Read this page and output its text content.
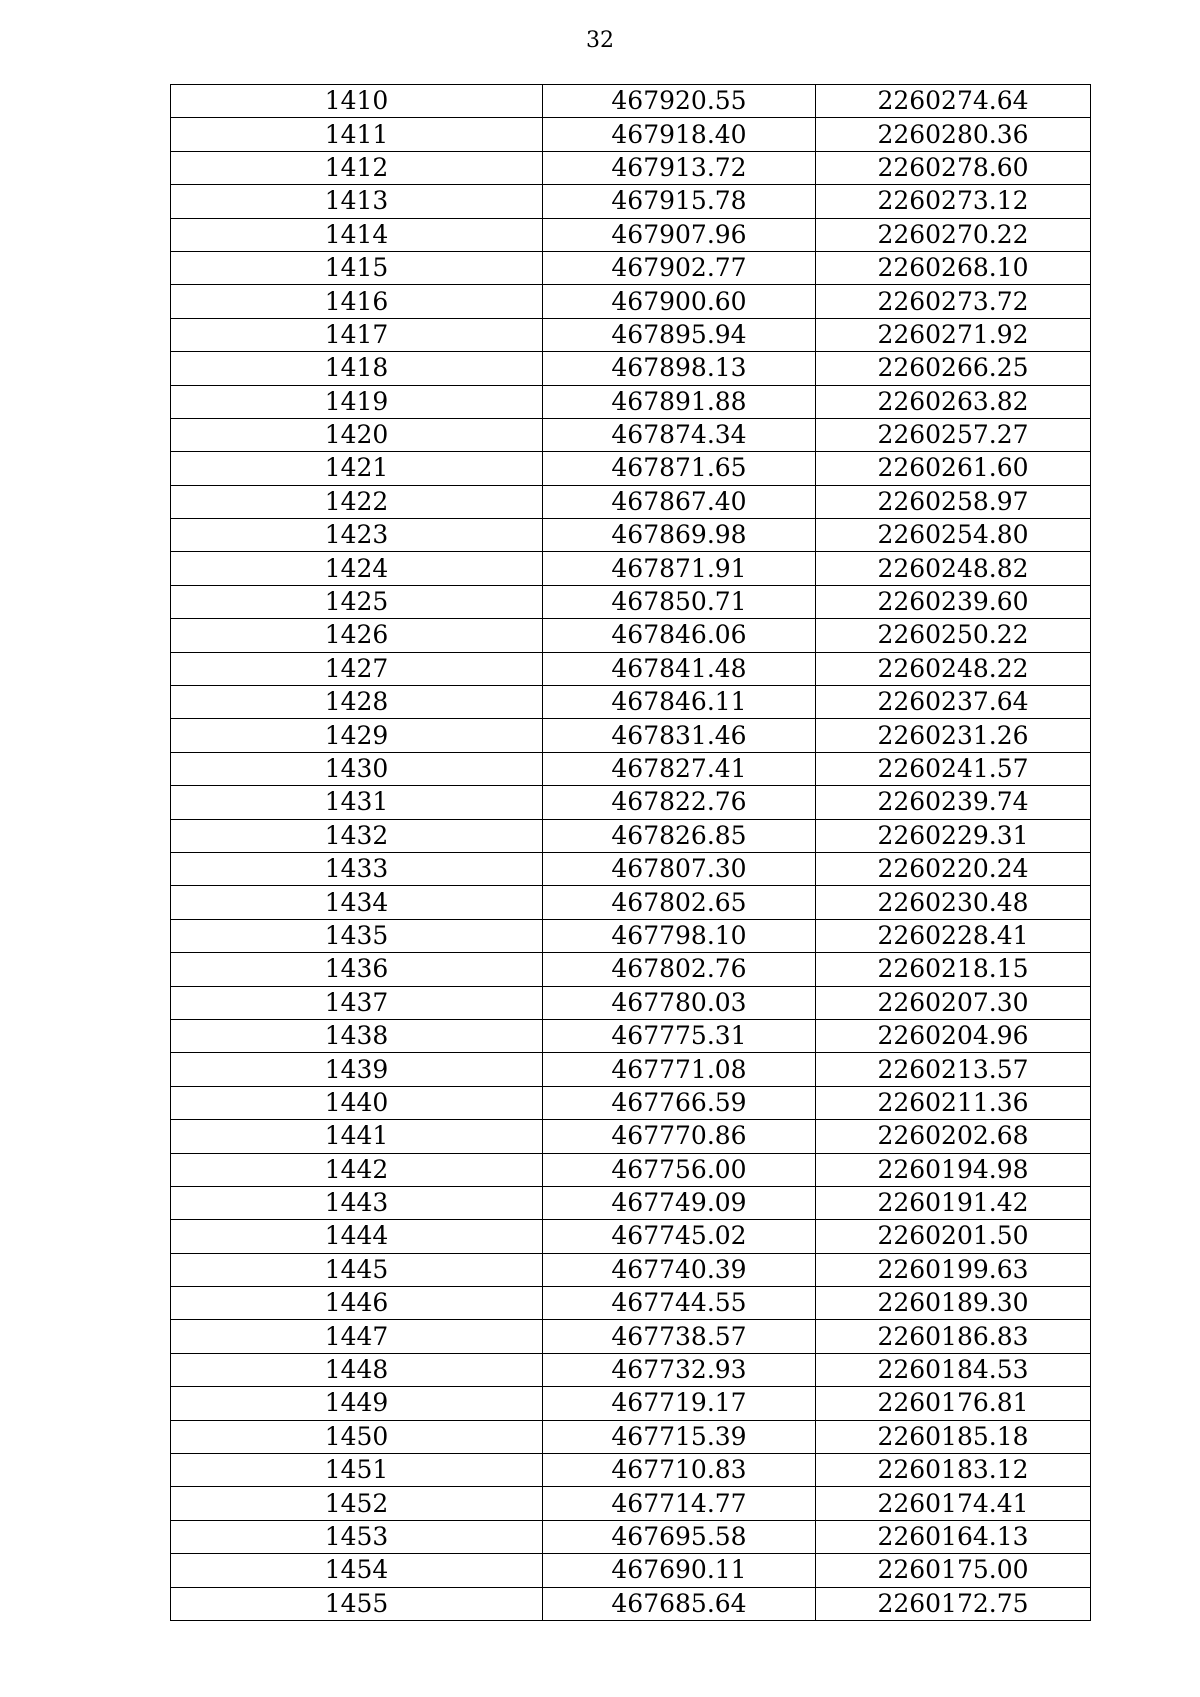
32
1410	467920.55	2260274.64
1411	467918.40	2260280.36
1412	467913.72	2260278.60
1413	467915.78	2260273.12
1414	467907.96	2260270.22
1415	467902.77	2260268.10
1416	467900.60	2260273.72
1417	467895.94	2260271.92
1418	467898.13	2260266.25
1419	467891.88	2260263.82
1420	467874.34	2260257.27
1421	467871.65	2260261.60
1422	467867.40	2260258.97
1423	467869.98	2260254.80
1424	467871.91	2260248.82
1425	467850.71	2260239.60
1426	467846.06	2260250.22
1427	467841.48	2260248.22
1428	467846.11	2260237.64
1429	467831.46	2260231.26
1430	467827.41	2260241.57
1431	467822.76	2260239.74
1432	467826.85	2260229.31
1433	467807.30	2260220.24
1434	467802.65	2260230.48
1435	467798.10	2260228.41
1436	467802.76	2260218.15
1437	467780.03	2260207.30
1438	467775.31	2260204.96
1439	467771.08	2260213.57
1440	467766.59	2260211.36
1441	467770.86	2260202.68
1442	467756.00	2260194.98
1443	467749.09	2260191.42
1444	467745.02	2260201.50
1445	467740.39	2260199.63
1446	467744.55	2260189.30
1447	467738.57	2260186.83
1448	467732.93	2260184.53
1449	467719.17	2260176.81
1450	467715.39	2260185.18
1451	467710.83	2260183.12
1452	467714.77	2260174.41
1453	467695.58	2260164.13
1454	467690.11	2260175.00
1455	467685.64	2260172.75
